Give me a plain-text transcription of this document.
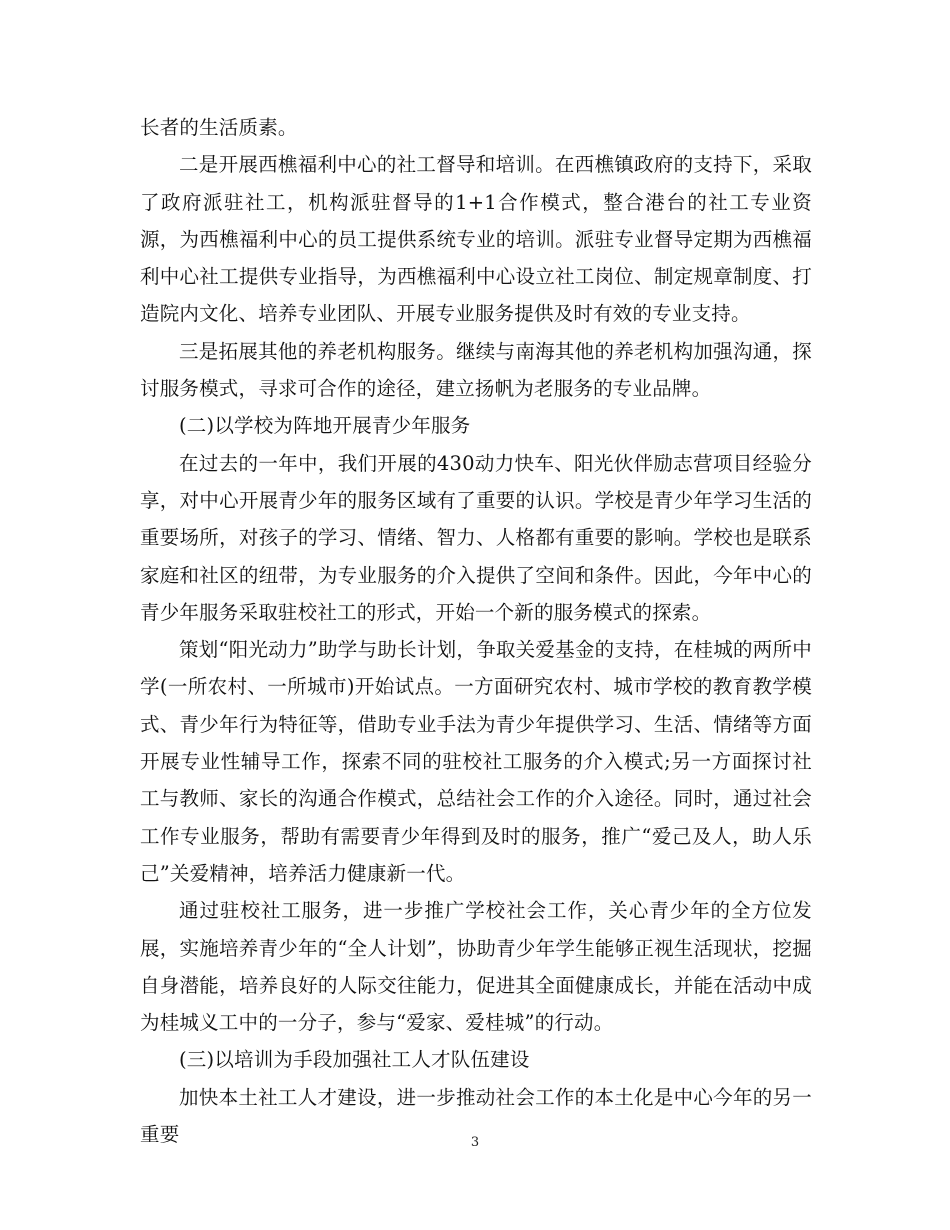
长者的生活质素。

二是开展西樵福利中心的社工督导和培训。在西樵镇政府的支持下，采取了政府派驻社工，机构派驻督导的1+1合作模式，整合港台的社工专业资源，为西樵福利中心的员工提供系统专业的培训。派驻专业督导定期为西樵福利中心社工提供专业指导，为西樵福利中心设立社工岗位、制定规章制度、打造院内文化、培养专业团队、开展专业服务提供及时有效的专业支持。

三是拓展其他的养老机构服务。继续与南海其他的养老机构加强沟通，探讨服务模式，寻求可合作的途径，建立扬帆为老服务的专业品牌。

(二)以学校为阵地开展青少年服务

在过去的一年中，我们开展的430动力快车、阳光伙伴励志营项目经验分享，对中心开展青少年的服务区域有了重要的认识。学校是青少年学习生活的重要场所，对孩子的学习、情绪、智力、人格都有重要的影响。学校也是联系家庭和社区的纽带，为专业服务的介入提供了空间和条件。因此，今年中心的青少年服务采取驻校社工的形式，开始一个新的服务模式的探索。

策划“阳光动力”助学与助长计划，争取关爱基金的支持，在桂城的两所中学(一所农村、一所城市)开始试点。一方面研究农村、城市学校的教育教学模式、青少年行为特征等，借助专业手法为青少年提供学习、生活、情绪等方面开展专业性辅导工作，探索不同的驻校社工服务的介入模式;另一方面探讨社工与教师、家长的沟通合作模式，总结社会工作的介入途径。同时，通过社会工作专业服务，帮助有需要青少年得到及时的服务，推广“爱己及人，助人乐己”关爱精神，培养活力健康新一代。

通过驻校社工服务，进一步推广学校社会工作，关心青少年的全方位发展，实施培养青少年的“全人计划”，协助青少年学生能够正视生活现状，挖掘自身潜能，培养良好的人际交往能力，促进其全面健康成长，并能在活动中成为桂城义工中的一分子，参与“爱家、爱桂城”的行动。

(三)以培训为手段加强社工人才队伍建设

加快本土社工人才建设，进一步推动社会工作的本土化是中心今年的另一重要	3
